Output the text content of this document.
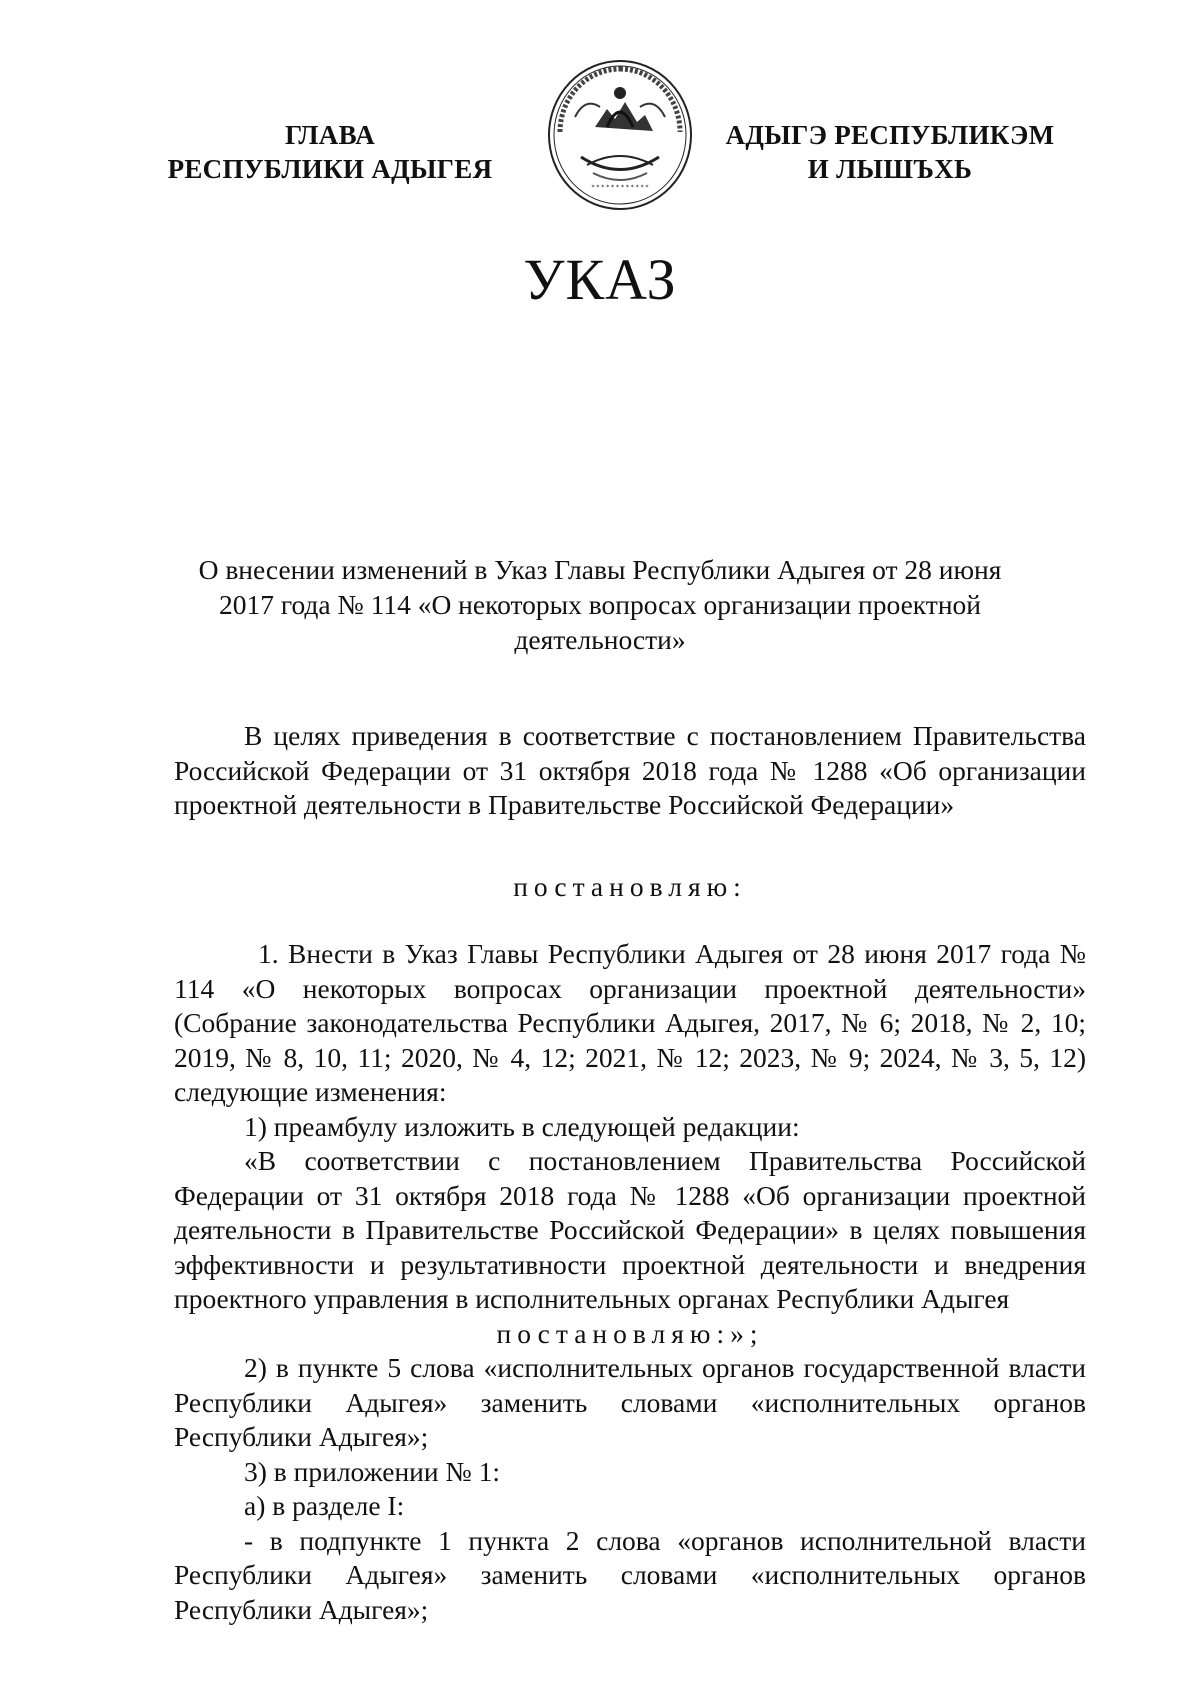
ГЛАВА
РЕСПУБЛИКИ АДЫГЕЯ
* * * * * * * * * * * *
АДЫГЭ РЕСПУБЛИКЭМ
И ЛЫШЪХЬ
УКАЗ
О внесении изменений в Указ Главы Республики Адыгея от 28 июня
2017 года № 114 «О некоторых вопросах организации проектной
деятельности»

В целях приведения в соответствие с постановлением Правительства Российской Федерации от 31 октября 2018 года № 1288 «Об организации проектной деятельности в Правительстве Российской Федерации»

постановляю:

1. Внести в Указ Главы Республики Адыгея от 28 июня 2017 года № 114 «О некоторых вопросах организации проектной деятельности» (Собрание законодательства Республики Адыгея, 2017, № 6; 2018, № 2, 10; 2019, № 8, 10, 11; 2020, № 4, 12; 2021, № 12; 2023, № 9; 2024, № 3, 5, 12) следующие изменения:

1) преамбулу изложить в следующей редакции:

«В соответствии с постановлением Правительства Российской Федерации от 31 октября 2018 года № 1288 «Об организации проектной деятельности в Правительстве Российской Федерации» в целях повышения эффективности и результативности проектной деятельности и внедрения проектного управления в исполнительных органах Республики Адыгея

постановляю:»;

2) в пункте 5 слова «исполнительных органов государственной власти Республики Адыгея» заменить словами «исполнительных органов Республики Адыгея»;

3) в приложении № 1:

а) в разделе I:

- в подпункте 1 пункта 2 слова «органов исполнительной власти Республики Адыгея» заменить словами «исполнительных органов Республики Адыгея»;
